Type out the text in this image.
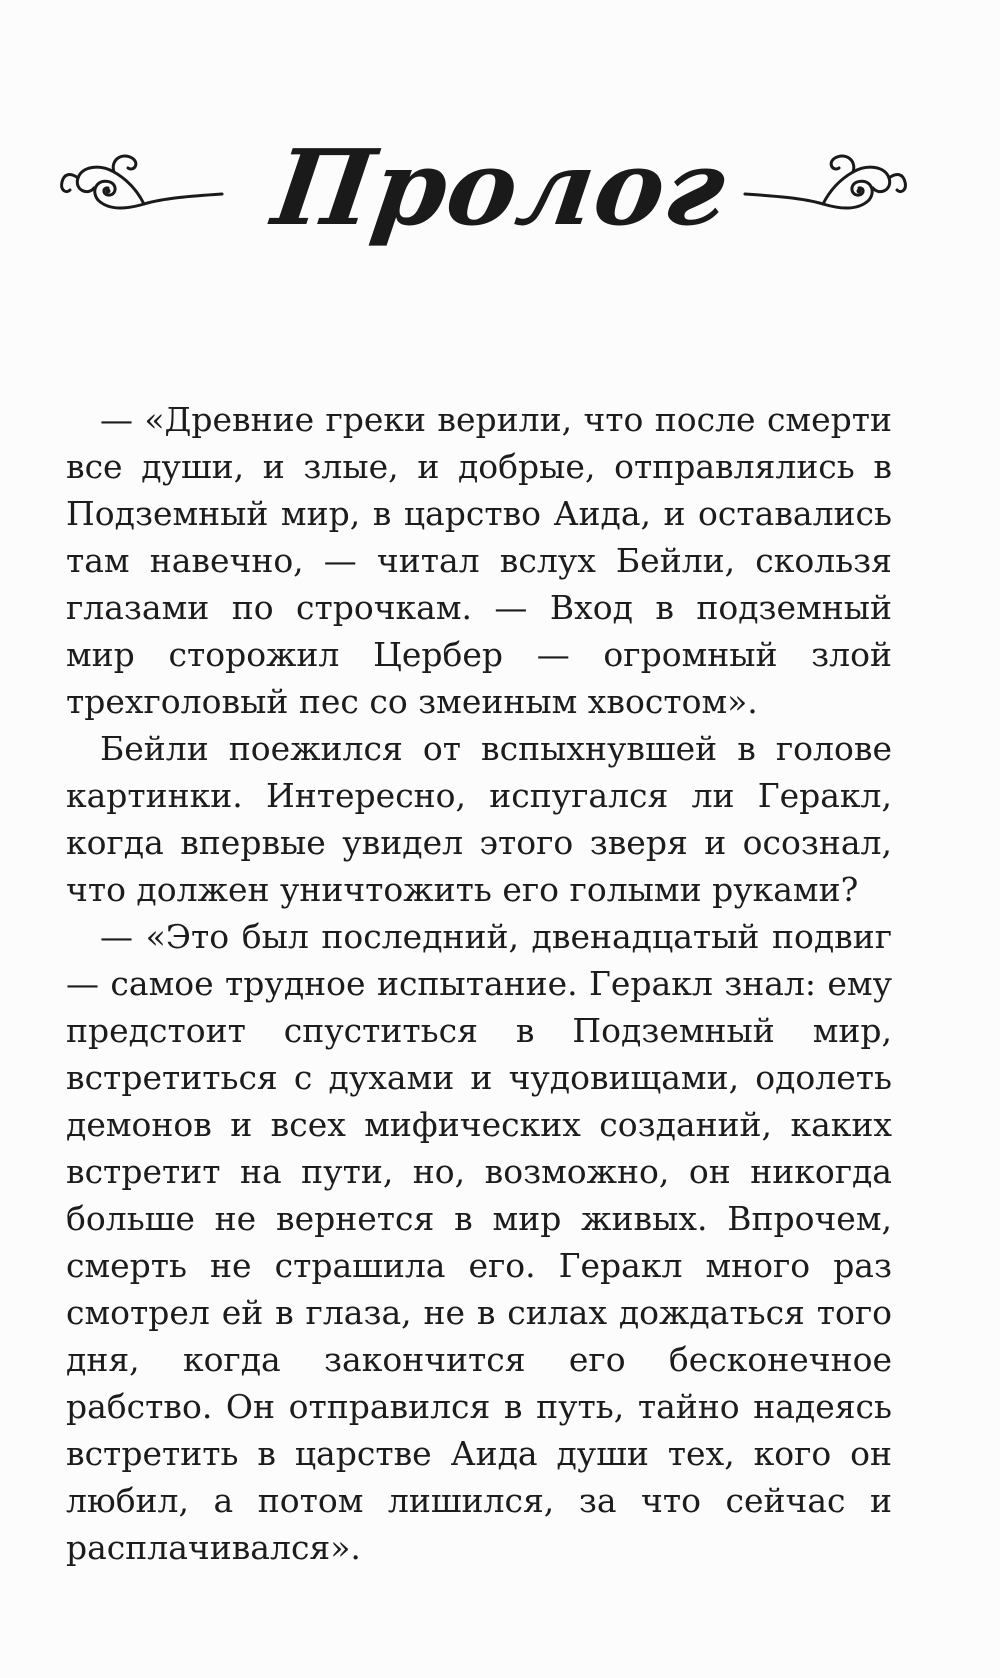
Пролог

— «Древние греки верили, что после смерти все души, и злые, и добрые, отправлялись в Подземный мир, в царство Аида, и оставались там навечно, — читал вслух Бейли, скользя глазами по строчкам. — Вход в подземный мир сторожил Цербер — огромный злой трехголовый пес со змеиным хвостом».

Бейли поежился от вспыхнувшей в голове картинки. Интересно, испугался ли Геракл, когда впервые увидел этого зверя и осознал, что должен уничтожить его голыми руками?

— «Это был последний, двенадцатый подвиг — самое трудное испытание. Геракл знал: ему предстоит спуститься в Подземный мир, встретиться с духами и чудовищами, одолеть демонов и всех мифических созданий, каких встретит на пути, но, возможно, он никогда больше не вернется в мир живых. Впрочем, смерть не страшила его. Геракл много раз смотрел ей в глаза, не в силах дождаться того дня, когда закончится его бесконечное рабство. Он отправился в путь, тайно надеясь встретить в царстве Аида души тех, кого он любил, а потом лишился, за что сейчас и расплачивался».
